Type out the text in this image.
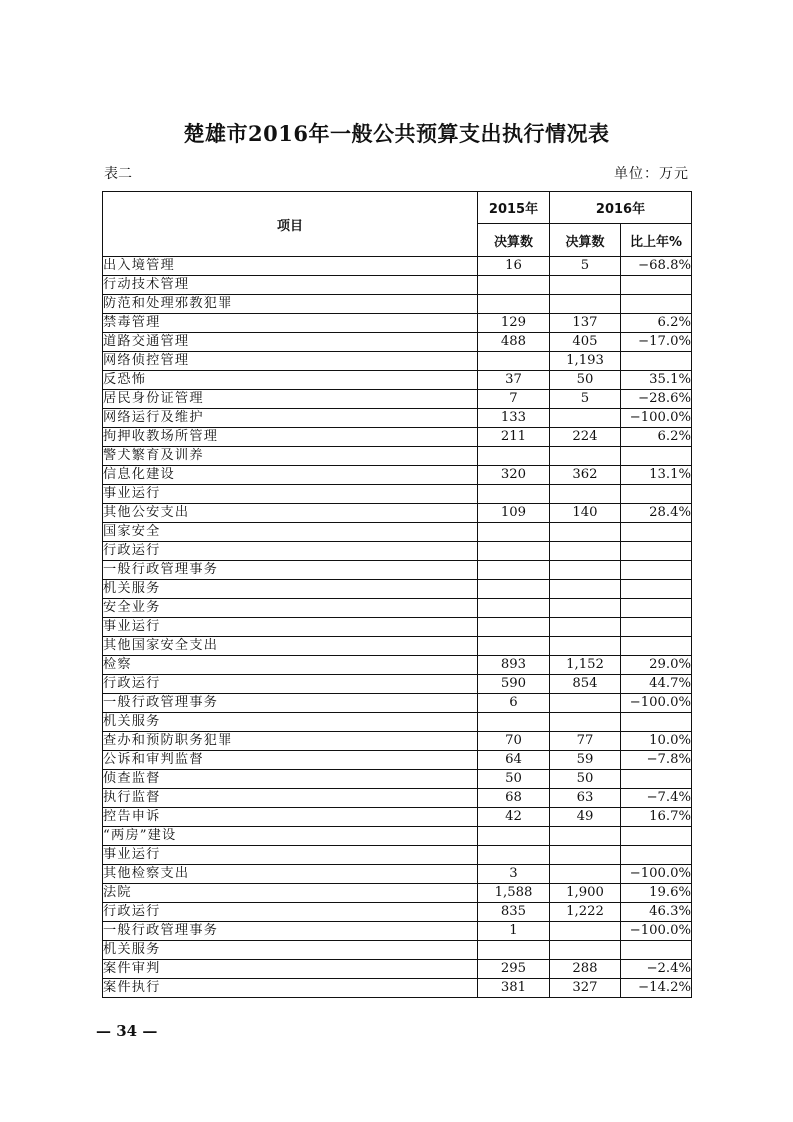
楚雄市2016年一般公共预算支出执行情况表
表二	单位：万元
项目	2015年	2016年	
	决算数	决算数	比上年%
出入境管理	16	5	−68.8%
行动技术管理			
防范和处理邪教犯罪			
禁毒管理	129	137	6.2%
道路交通管理	488	405	−17.0%
网络侦控管理		1,193	
反恐怖	37	50	35.1%
居民身份证管理	7	5	−28.6%
网络运行及维护	133		−100.0%
拘押收教场所管理	211	224	6.2%
警犬繁育及训养			
信息化建设	320	362	13.1%
事业运行			
其他公安支出	109	140	28.4%
国家安全			
行政运行			
一般行政管理事务			
机关服务			
安全业务			
事业运行			
其他国家安全支出			
检察	893	1,152	29.0%
行政运行	590	854	44.7%
一般行政管理事务	6		−100.0%
机关服务			
查办和预防职务犯罪	70	77	10.0%
公诉和审判监督	64	59	−7.8%
侦查监督	50	50	
执行监督	68	63	−7.4%
控告申诉	42	49	16.7%
“两房”建设			
事业运行			
其他检察支出	3		−100.0%
法院	1,588	1,900	19.6%
行政运行	835	1,222	46.3%
一般行政管理事务	1		−100.0%
机关服务			
案件审判	295	288	−2.4%
案件执行	381	327	−14.2%
— 34 —
